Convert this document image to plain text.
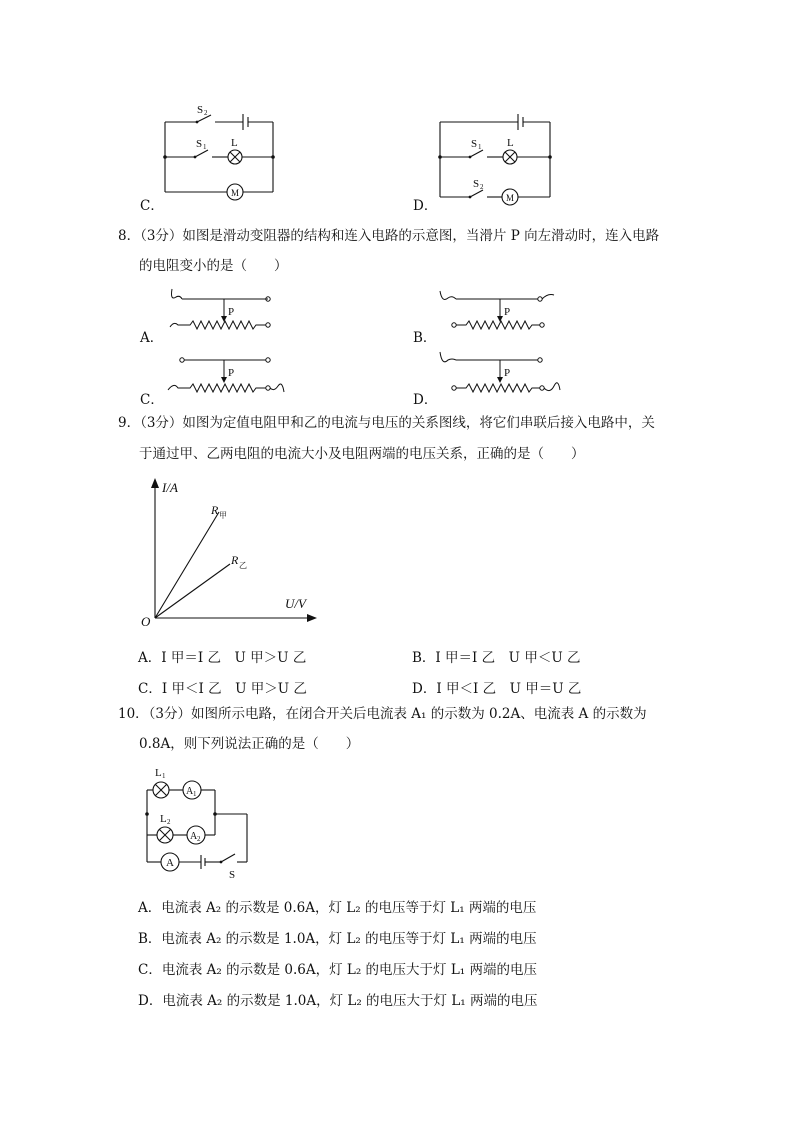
C．
S 2
S 1 L
M
D．
S 1 L
S 2
M
8．（3分）如图是滑动变阻器的结构和连入电路的示意图，当滑片 P 向左滑动时，连入电路
的电阻变小的是（　　）
A．
P
B．
P
C．
P
D．
P
9．（3分）如图为定值电阻甲和乙的电流与电压的关系图线，将它们串联后接入电路中，关
于通过甲、乙两电阻的电流大小及电阻两端的电压关系，正确的是（　　）
I/A
U/V
O
R 甲
R 乙
A．I 甲＝I 乙　U 甲＞U 乙	B．I 甲＝I 乙　U 甲＜U 乙
C．I 甲＜I 乙　U 甲＞U 乙	D．I 甲＜I 乙　U 甲＝U 乙
10．（3分）如图所示电路，在闭合开关后电流表 A₁ 的示数为 0.2A、电流表 A 的示数为
0.8A，则下列说法正确的是（　　）
L 1
A 1
L 2
A 2
A
S
A．电流表 A₂ 的示数是 0.6A，灯 L₂ 的电压等于灯 L₁ 两端的电压
B．电流表 A₂ 的示数是 1.0A，灯 L₂ 的电压等于灯 L₁ 两端的电压
C．电流表 A₂ 的示数是 0.6A，灯 L₂ 的电压大于灯 L₁ 两端的电压
D．电流表 A₂ 的示数是 1.0A，灯 L₂ 的电压大于灯 L₁ 两端的电压
